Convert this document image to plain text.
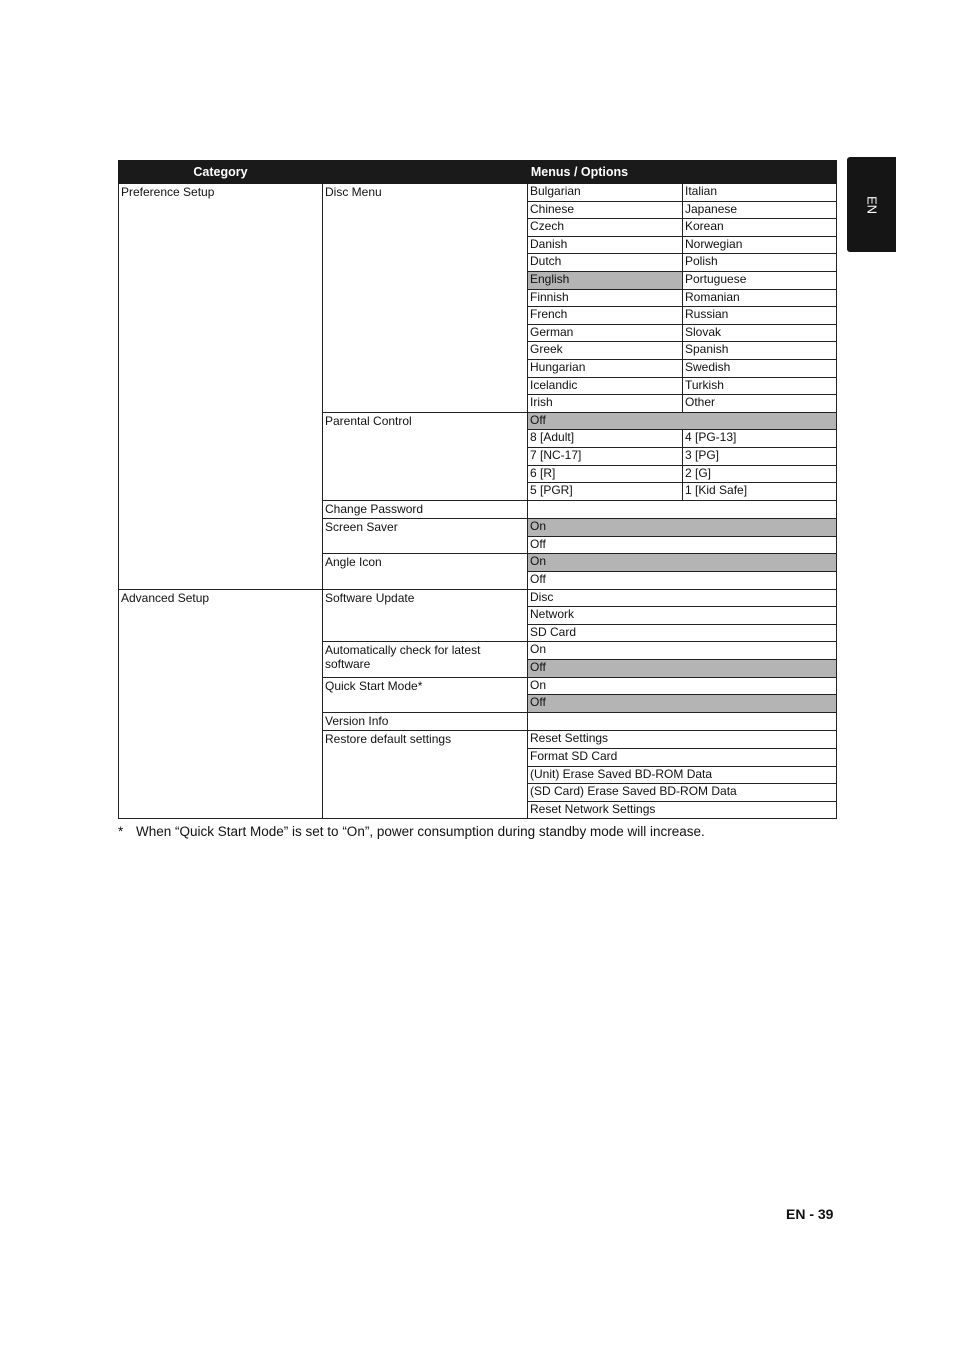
EN
Category	Menus / Options		
Preference Setup	Disc Menu	Bulgarian	Italian
		Chinese	Japanese
		Czech	Korean
		Danish	Norwegian
		Dutch	Polish
		English	Portuguese
		Finnish	Romanian
		French	Russian
		German	Slovak
		Greek	Spanish
		Hungarian	Swedish
		Icelandic	Turkish
		Irish	Other
	Parental Control	Off	
		8 [Adult]	4 [PG-13]
		7 [NC-17]	3 [PG]
		6 [R]	2 [G]
		5 [PGR]	1 [Kid Safe]
	Change Password		
	Screen Saver	On	
		Off	
	Angle Icon	On	
		Off	
Advanced Setup	Software Update	Disc	
		Network	
		SD Card	
	Automatically check for latest software	On	
		Off	
	Quick Start Mode*	On	
		Off	
	Version Info		
	Restore default settings	Reset Settings	
		Format SD Card	
		(Unit) Erase Saved BD-ROM Data	
		(SD Card) Erase Saved BD-ROM Data	
		Reset Network Settings	
* When “Quick Start Mode” is set to “On”, power consumption during standby mode will increase.
EN - 39
